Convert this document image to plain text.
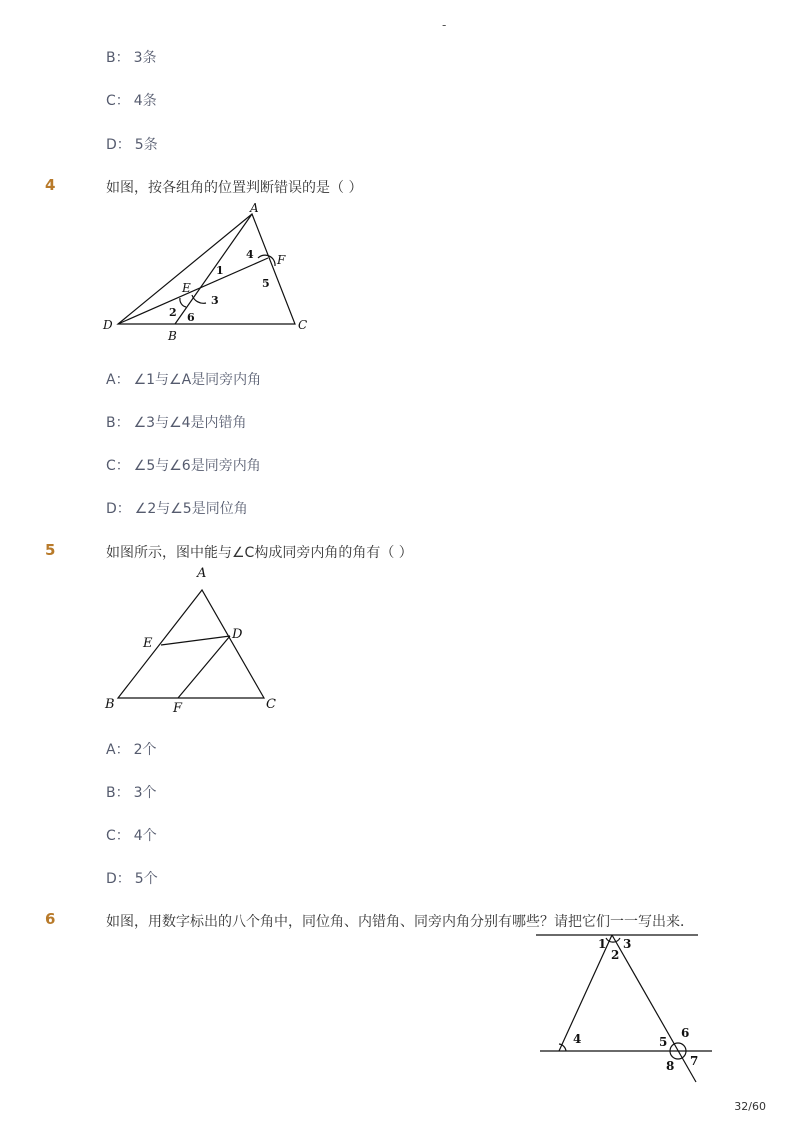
-
B： 3条
C： 4条
D： 5条
4	如图，按各组角的位置判断错误的是（ ）
A
F
E
D
B
C
1
2
3
4
5
6
A： ∠1与∠A是同旁内角
B： ∠3与∠4是内错角
C： ∠5与∠6是同旁内角
D： ∠2与∠5是同位角
5	如图所示，图中能与∠C构成同旁内角的角有（ ）
A
E
D
B	F	C
A： 2个
B： 3个
C： 4个
D： 5个
6	如图，用数字标出的八个角中，同位角、内错角、同旁内角分别有哪些？请把它们一一写出来．
1
2
3
4	5
6
7
8
32/60
